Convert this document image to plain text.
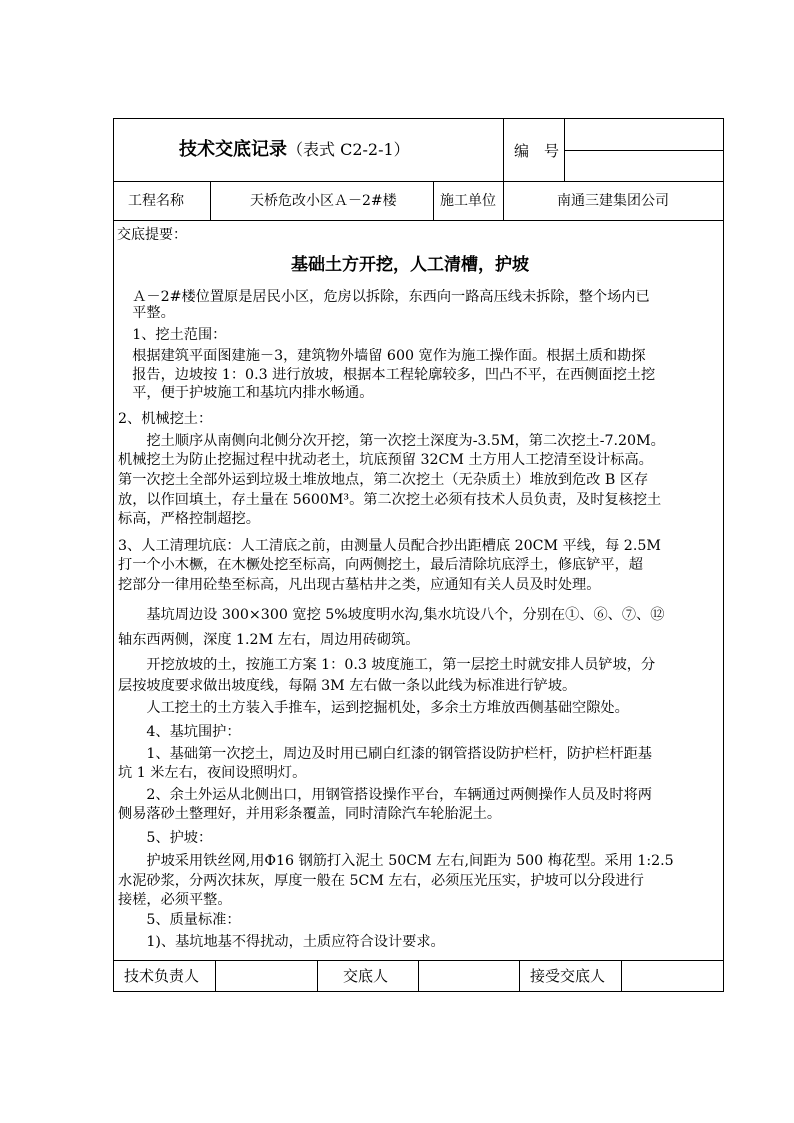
技术交底记录（表式 C2-2-1）	编　号
工程名称	天桥危改小区Ａ－2#楼	施工单位	南通三建集团公司
交底提要：
基础土方开挖，人工清槽，护坡
　Ａ－2#楼位置原是居民小区，危房以拆除，东西向一路高压线未拆除，整个场内已
　平整。
　1、挖土范围：
　根据建筑平面图建施－3，建筑物外墙留 600 宽作为施工操作面。根据土质和勘探
　报告，边坡按 1：0.3 进行放坡，根据本工程轮廓较多，凹凸不平，在西侧面挖土挖
　平，便于护坡施工和基坑内排水畅通。
2、机械挖土：
　　挖土顺序从南侧向北侧分次开挖，第一次挖土深度为-3.5M，第二次挖土-7.20M。
机械挖土为防止挖掘过程中扰动老土，坑底预留 32CM 土方用人工挖清至设计标高。
第一次挖土全部外运到垃圾土堆放地点，第二次挖土（无杂质土）堆放到危改 B 区存
放，以作回填土，存土量在 5600M³。第二次挖土必须有技术人员负责，及时复核挖土
标高，严格控制超挖。
3、人工清理坑底：人工清底之前，由测量人员配合抄出距槽底 20CM 平线，每 2.5M
打一个小木橛，在木橛处挖至标高，向两侧挖土，最后清除坑底浮土，修底铲平，超
挖部分一律用砼垫至标高，凡出现古墓枯井之类，应通知有关人员及时处理。
　　基坑周边设 300×300 宽挖 5%坡度明水沟,集水坑设八个，分别在①、⑥、⑦、⑫
轴东西两侧，深度 1.2M 左右，周边用砖砌筑。
　　开挖放坡的土，按施工方案 1：0.3 坡度施工，第一层挖土时就安排人员铲坡，分
层按坡度要求做出坡度线，每隔 3M 左右做一条以此线为标准进行铲坡。
　　人工挖土的土方装入手推车，运到挖掘机处，多余土方堆放西侧基础空隙处。
　　4、基坑围护：
　　1、基础第一次挖土，周边及时用已刷白红漆的钢管搭设防护栏杆，防护栏杆距基
坑 1 米左右，夜间设照明灯。
　　2、余土外运从北侧出口，用钢管搭设操作平台，车辆通过两侧操作人员及时将两
侧易落砂土整理好，并用彩条覆盖，同时清除汽车轮胎泥土。
　　5、护坡：
　　护坡采用铁丝网,用Φ16 钢筋打入泥土 50CM 左右,间距为 500 梅花型。采用 1:2.5
水泥砂浆，分两次抹灰，厚度一般在 5CM 左右，必须压光压实，护坡可以分段进行
接槎，必须平整。
　　5、质量标准：
　　1)、基坑地基不得扰动，土质应符合设计要求。
技术负责人	交底人	接受交底人
